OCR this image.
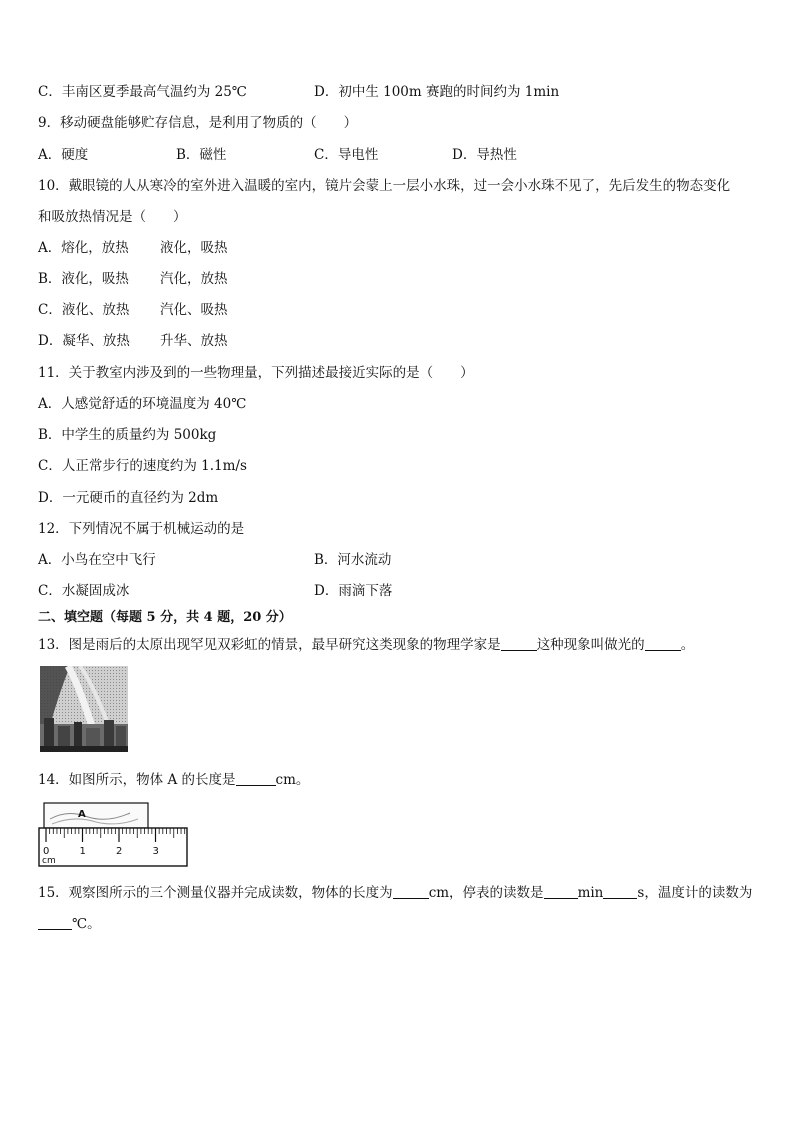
C．丰南区夏季最高气温约为 25℃	D．初中生 100m 赛跑的时间约为 1min
9．移动硬盘能够贮存信息，是利用了物质的（　　）
A．硬度	B．磁性	C．导电性	D．导热性
10．戴眼镜的人从寒冷的室外进入温暖的室内，镜片会蒙上一层小水珠，过一会小水珠不见了，先后发生的物态变化
和吸放热情况是（　　）
A．熔化，放热 液化，吸热
B．液化，吸热 汽化，放热
C．液化、放热 汽化、吸热
D．凝华、放热 升华、放热
11．关于教室内涉及到的一些物理量，下列描述最接近实际的是（　　）
A．人感觉舒适的环境温度为 40℃
B．中学生的质量约为 500kg
C．人正常步行的速度约为 1.1m/s
D．一元硬币的直径约为 2dm
12．下列情况不属于机械运动的是
A．小鸟在空中飞行	B．河水流动
C．水凝固成冰	D．雨滴下落
二、填空题（每题 5 分，共 4 题，20 分）
13．图是雨后的太原出现罕见双彩虹的情景，最早研究这类现象的物理学家是	这种现象叫做光的	。
14．如图所示，物体 A 的长度是	cm。
A
0	1	2	3
cm
15．观察图所示的三个测量仪器并完成读数，物体的长度为	cm，停表的读数是	min	s，温度计的读数为
℃。
